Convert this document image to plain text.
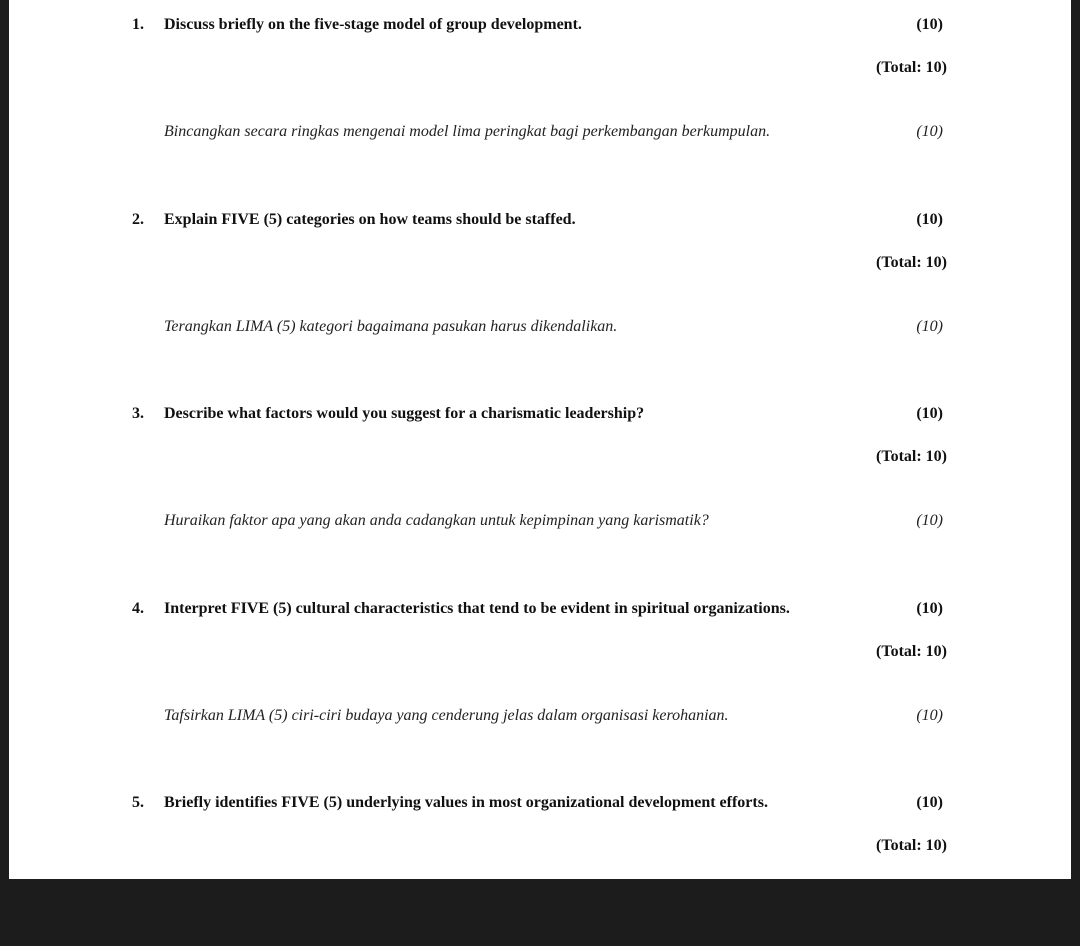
1. Discuss briefly on the five-stage model of group development.	(10)
(Total: 10)
Bincangkan secara ringkas mengenai model lima peringkat bagi perkembangan berkumpulan.	(10)
2. Explain FIVE (5) categories on how teams should be staffed.	(10)
(Total: 10)
Terangkan LIMA (5) kategori bagaimana pasukan harus dikendalikan.	(10)
3. Describe what factors would you suggest for a charismatic leadership?	(10)
(Total: 10)
Huraikan faktor apa yang akan anda cadangkan untuk kepimpinan yang karismatik?	(10)
4. Interpret FIVE (5) cultural characteristics that tend to be evident in spiritual organizations.	(10)
(Total: 10)
Tafsirkan LIMA (5) ciri-ciri budaya yang cenderung jelas dalam organisasi kerohanian.	(10)
5. Briefly identifies FIVE (5) underlying values in most organizational development efforts.	(10)
(Total: 10)
